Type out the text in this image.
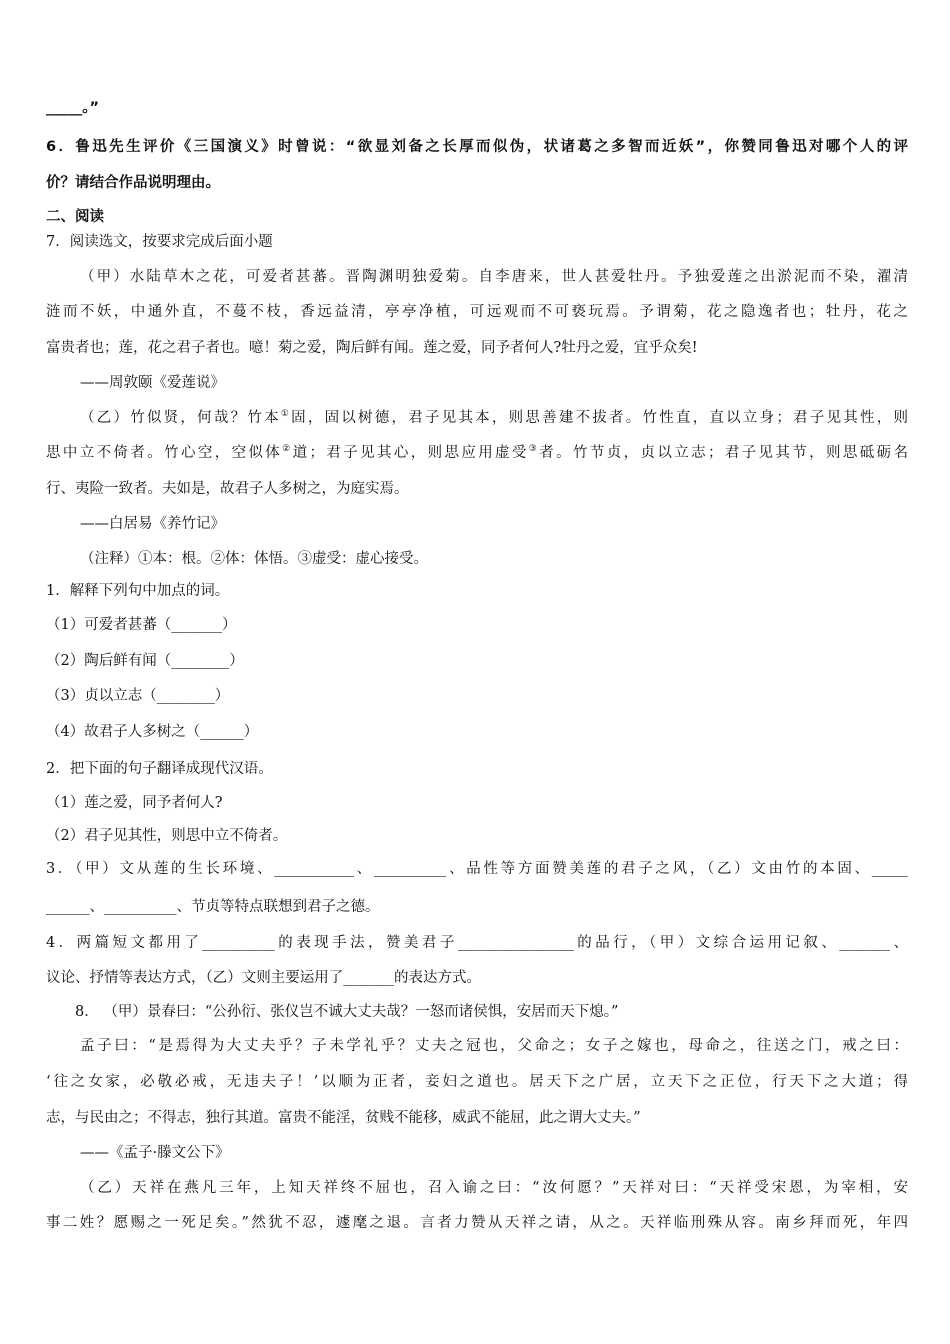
_____。”
6．鲁迅先生评价《三国演义》时曾说：“欲显刘备之长厚而似伪，状诸葛之多智而近妖”，你赞同鲁迅对哪个人的评
价？请结合作品说明理由。
二、阅读
7．阅读选文，按要求完成后面小题
（甲）水陆草木之花，可爱者甚蕃。晋陶渊明独爱菊。自李唐来，世人甚爱牡丹。予独爱莲之出淤泥而不染，濯清
涟而不妖，中通外直，不蔓不枝，香远益清，亭亭净植，可远观而不可亵玩焉。予谓菊，花之隐逸者也；牡丹，花之
富贵者也；莲，花之君子者也。噫！菊之爱，陶后鲜有闻。莲之爱，同予者何人?牡丹之爱，宜乎众矣!
——周敦颐《爱莲说》
（乙）竹似贤，何哉？竹本①固，固以树德，君子见其本，则思善建不拔者。竹性直，直以立身；君子见其性，则
思中立不倚者。竹心空，空似体②道；君子见其心，则思应用虚受③者。竹节贞，贞以立志；君子见其节，则思砥砺名
行、夷险一致者。夫如是，故君子人多树之，为庭实焉。
——白居易《养竹记》
（注释）①本：根。②体：体悟。③虚受：虚心接受。
1．解释下列句中加点的词。
（1）可爱者甚蕃（_______）
（2）陶后鲜有闻（________）
（3）贞以立志（________）
（4）故君子人多树之（______）
2．把下面的句子翻译成现代汉语。
（1）莲之爱，同予者何人?
（2）君子见其性，则思中立不倚者。
3．（甲）文从莲的生长环境、___________、__________、品性等方面赞美莲的君子之风，（乙）文由竹的本固、_____
______、__________、节贞等特点联想到君子之德。
4．两篇短文都用了__________的表现手法，赞美君子________________的品行，（甲）文综合运用记叙、_______、
议论、抒情等表达方式，（乙）文则主要运用了_______的表达方式。
8． （甲）景春曰：“公孙衍、张仪岂不诚大丈夫哉？一怒而诸侯惧，安居而天下熄。”
孟子曰：“是焉得为大丈夫乎？子未学礼乎？丈夫之冠也，父命之；女子之嫁也，母命之，往送之门，戒之曰：
‘往之女家，必敬必戒，无违夫子！’以顺为正者，妾妇之道也。居天下之广居，立天下之正位，行天下之大道；得
志，与民由之；不得志，独行其道。富贵不能淫，贫贱不能移，威武不能屈，此之谓大丈夫。”
——《孟子·滕文公下》
（乙）天祥在燕凡三年，上知天祥终不屈也，召入谕之曰：“汝何愿？”天祥对曰：“天祥受宋恩，为宰相，安
事二姓？愿赐之一死足矣。”然犹不忍，遽麾之退。言者力赞从天祥之请，从之。天祥临刑殊从容。南乡拜而死，年四
